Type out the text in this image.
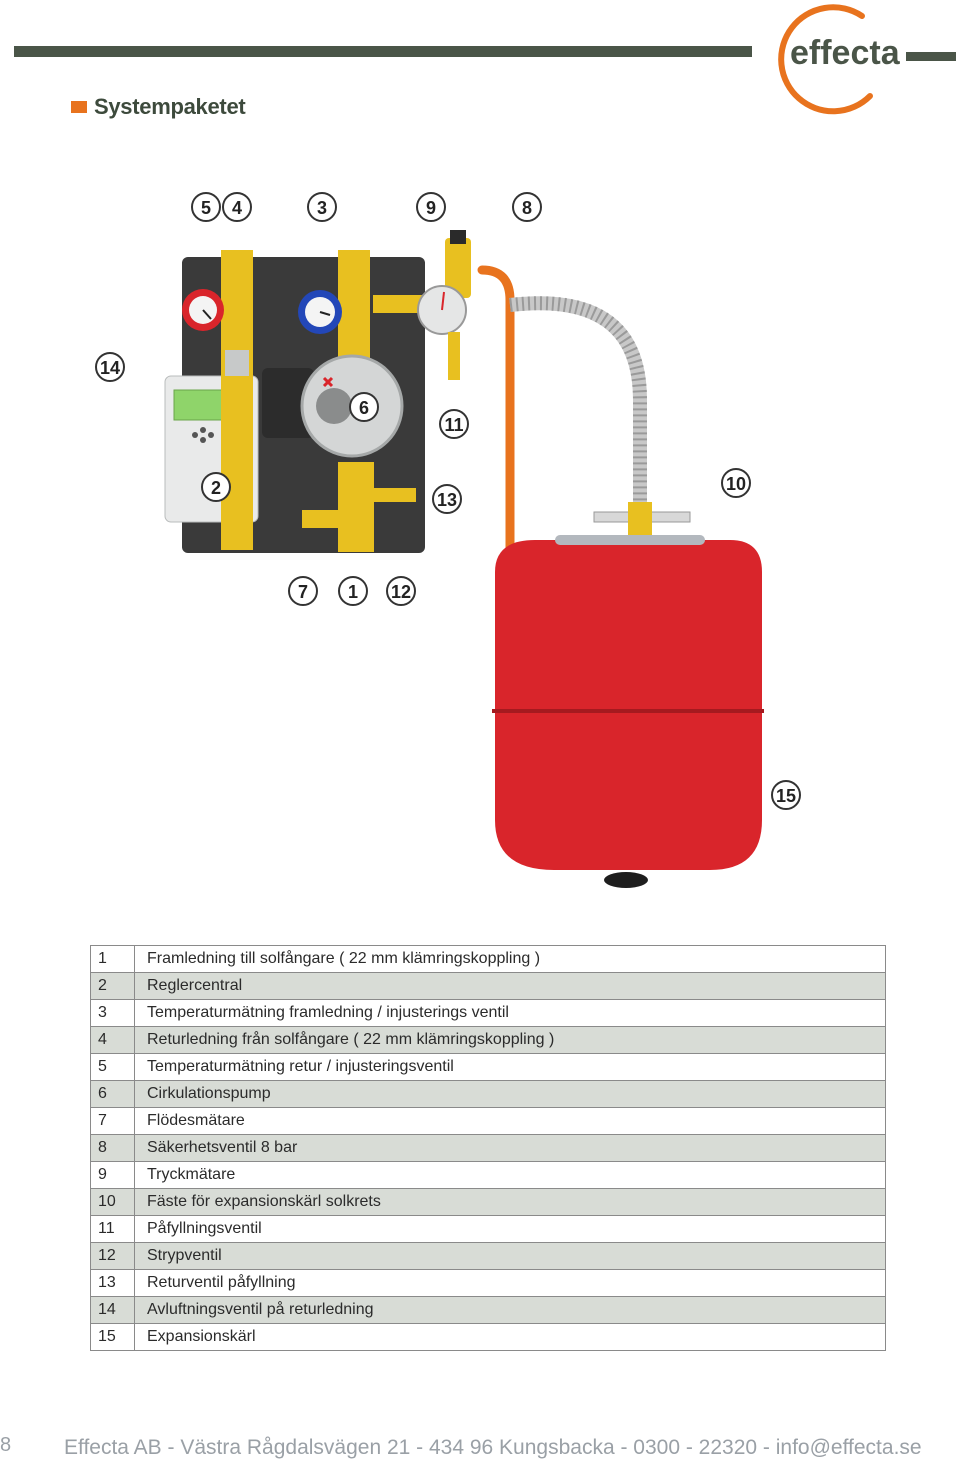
effecta
Systempaketet
5 4	3	9	8
14
6
11
2	10
13
7 1 12
15
1	Framledning till solfångare ( 22 mm klämringskoppling )
2	Reglercentral
3	Temperaturmätning framledning / injusterings ventil
4	Returledning från solfångare ( 22 mm klämringskoppling )
5	Temperaturmätning retur / injusteringsventil
6	Cirkulationspump
7	Flödesmätare
8	Säkerhetsventil 8 bar
9	Tryckmätare
10	Fäste för expansionskärl solkrets
11	Påfyllningsventil
12	Strypventil
13	Returventil påfyllning
14	Avluftningsventil på returledning
15	Expansionskärl
8	Effecta AB - Västra Rågdalsvägen 21 - 434 96 Kungsbacka - 0300 - 22320 - info@effecta.se
